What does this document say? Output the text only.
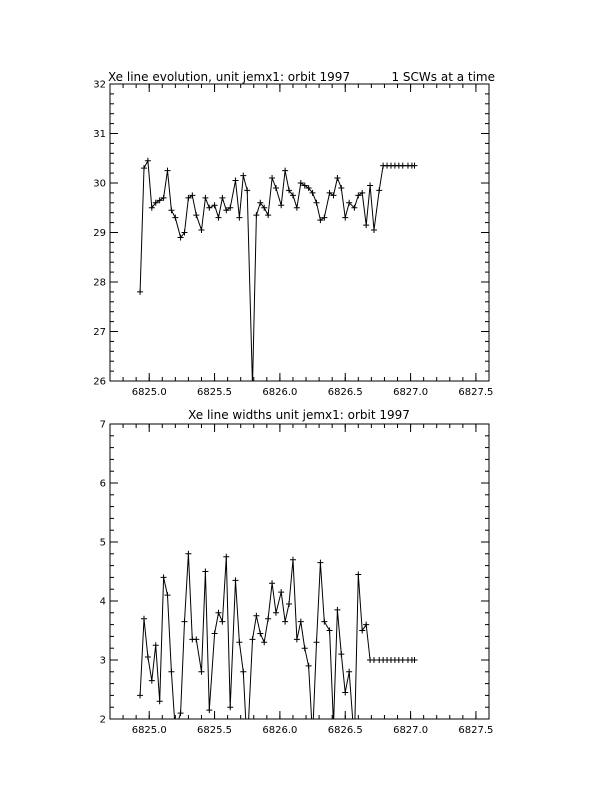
Xe line evolution, unit jemx1: orbit 1997	1 SCWs at a time
6825.0	6825.5	6826.0	6826.5	6827.0	6827.5
26
27
28
29
30
31
32
Xe line widths unit jemx1: orbit 1997
6825.0	6825.5	6826.0	6826.5	6827.0	6827.5
2
3
4
5
6
7
